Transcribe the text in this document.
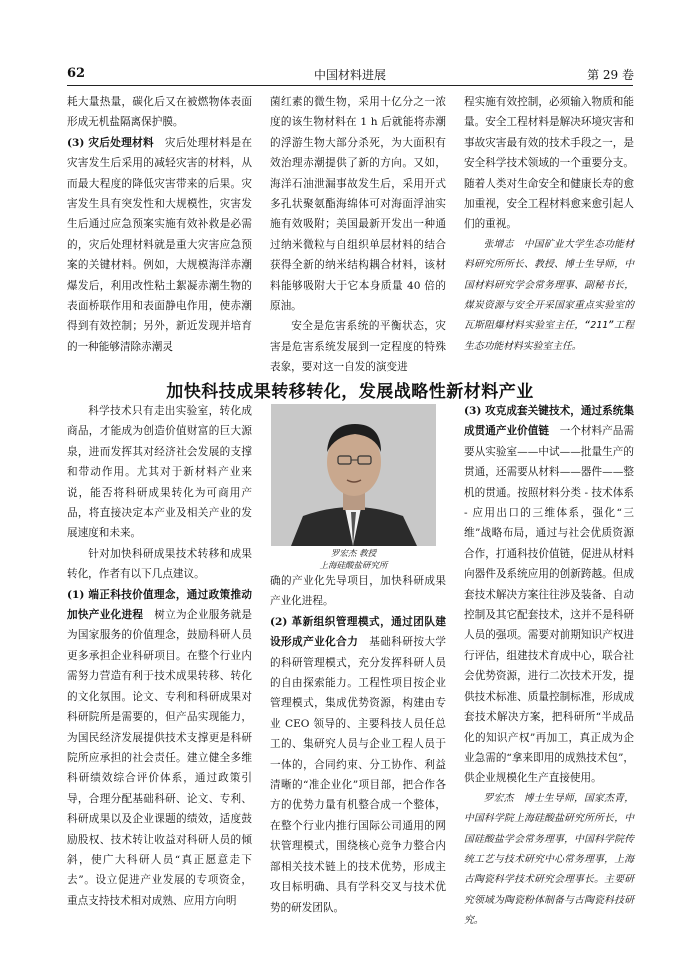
62	中国材料进展	第 29 卷

耗大量热量，碳化后又在被燃物体表面形成无机盐隔离保护膜。

(3) 灾后处理材料　灾后处理材料是在灾害发生后采用的减轻灾害的材料，从而最大程度的降低灾害带来的后果。灾害发生具有突发性和大规模性，灾害发生后通过应急预案实施有效补救是必需的，灾后处理材料就是重大灾害应急预案的关键材料。例如，大规模海洋赤潮爆发后，利用改性粘土絮凝赤潮生物的表面桥联作用和表面静电作用，使赤潮得到有效控制；另外，新近发现并培育的一种能够清除赤潮灵

菌红素的微生物，采用十亿分之一浓度的该生物材料在 1 h 后就能将赤潮的浮游生物大部分杀死，为大面积有效治理赤潮提供了新的方向。又如，海洋石油泄漏事故发生后，采用开式多孔状聚氨酯海绵体可对海面浮油实施有效吸附；美国最新开发出一种通过纳米微粒与自组织单层材料的结合获得全新的纳米结构耦合材料，该材料能够吸附大于它本身质量 40 倍的原油。

安全是危害系统的平衡状态，灾害是危害系统发展到一定程度的特殊表象，要对这一自发的演变进

程实施有效控制，必须输入物质和能量。安全工程材料是解决环境灾害和事故灾害最有效的技术手段之一，是安全科学技术领域的一个重要分支。随着人类对生命安全和健康长寿的愈加重视，安全工程材料愈来愈引起人们的重视。

张增志　中国矿业大学生态功能材料研究所所长、教授、博士生导师，中国材料研究学会常务理事、副秘书长，煤炭资源与安全开采国家重点实验室的瓦斯阻爆材料实验室主任，“211”工程生态功能材料实验室主任。

加快科技成果转移转化，发展战略性新材料产业
罗宏杰 教授
上海硅酸盐研究所

科学技术只有走出实验室，转化成商品，才能成为创造价值财富的巨大源泉，进而发挥其对经济社会发展的支撑和带动作用。尤其对于新材料产业来说，能否将科研成果转化为可商用产品，将直接决定本产业及相关产业的发展速度和未来。

针对加快科研成果技术转移和成果转化，作者有以下几点建议。

(1) 端正科技价值理念，通过政策推动加快产业化进程　树立为企业服务就是为国家服务的价值理念，鼓励科研人员更多承担企业科研项目。在整个行业内需努力营造有利于技术成果转移、转化的文化氛围。论文、专利和科研成果对科研院所是需要的，但产品实现能力，为国民经济发展提供技术支撑更是科研院所应承担的社会责任。建立健全多维科研绩效综合评价体系，通过政策引导，合理分配基础科研、论文、专利、科研成果以及企业课题的绩效，适度鼓励股权、技术转让收益对科研人员的倾斜，使广大科研人员“真正愿意走下去”。设立促进产业发展的专项资金，重点支持技术相对成熟、应用方向明

确的产业化先导项目，加快科研成果产业化进程。

(2) 革新组织管理模式，通过团队建设形成产业化合力　基础科研按大学的科研管理模式，充分发挥科研人员的自由探索能力。工程性项目按企业管理模式，集成优势资源，构建由专业 CEO 领导的、主要科技人员任总工的、集研究人员与企业工程人员于一体的，合同约束、分工协作、利益清晰的“准企业化”项目部，把合作各方的优势力量有机整合成一个整体，在整个行业内推行国际公司通用的网状管理模式，围绕核心竞争力整合内部相关技术链上的技术优势，形成主攻目标明确、具有学科交叉与技术优势的研发团队。

(3) 攻克成套关键技术，通过系统集成贯通产业价值链　一个材料产品需要从实验室——中试——批量生产的贯通，还需要从材料——器件——整机的贯通。按照材料分类 - 技术体系 - 应用出口的三维体系，强化“三维”战略布局，通过与社会优质资源合作，打通科技价值链，促进从材料向器件及系统应用的创新跨越。但成套技术解决方案往往涉及装备、自动控制及其它配套技术，这并不是科研人员的强项。需要对前期知识产权进行评估，组建技术育成中心，联合社会优势资源，进行二次技术开发，提供技术标准、质量控制标准，形成成套技术解决方案，把科研所“半成品化的知识产权”再加工，真正成为企业急需的“拿来即用的成熟技术包”，供企业规模化生产直接使用。

罗宏杰　博士生导师，国家杰青，中国科学院上海硅酸盐研究所所长，中国硅酸盐学会常务理事，中国科学院传统工艺与技术研究中心常务理事，上海古陶瓷科学技术研究会理事长。主要研究领域为陶瓷粉体制备与古陶瓷科技研究。
